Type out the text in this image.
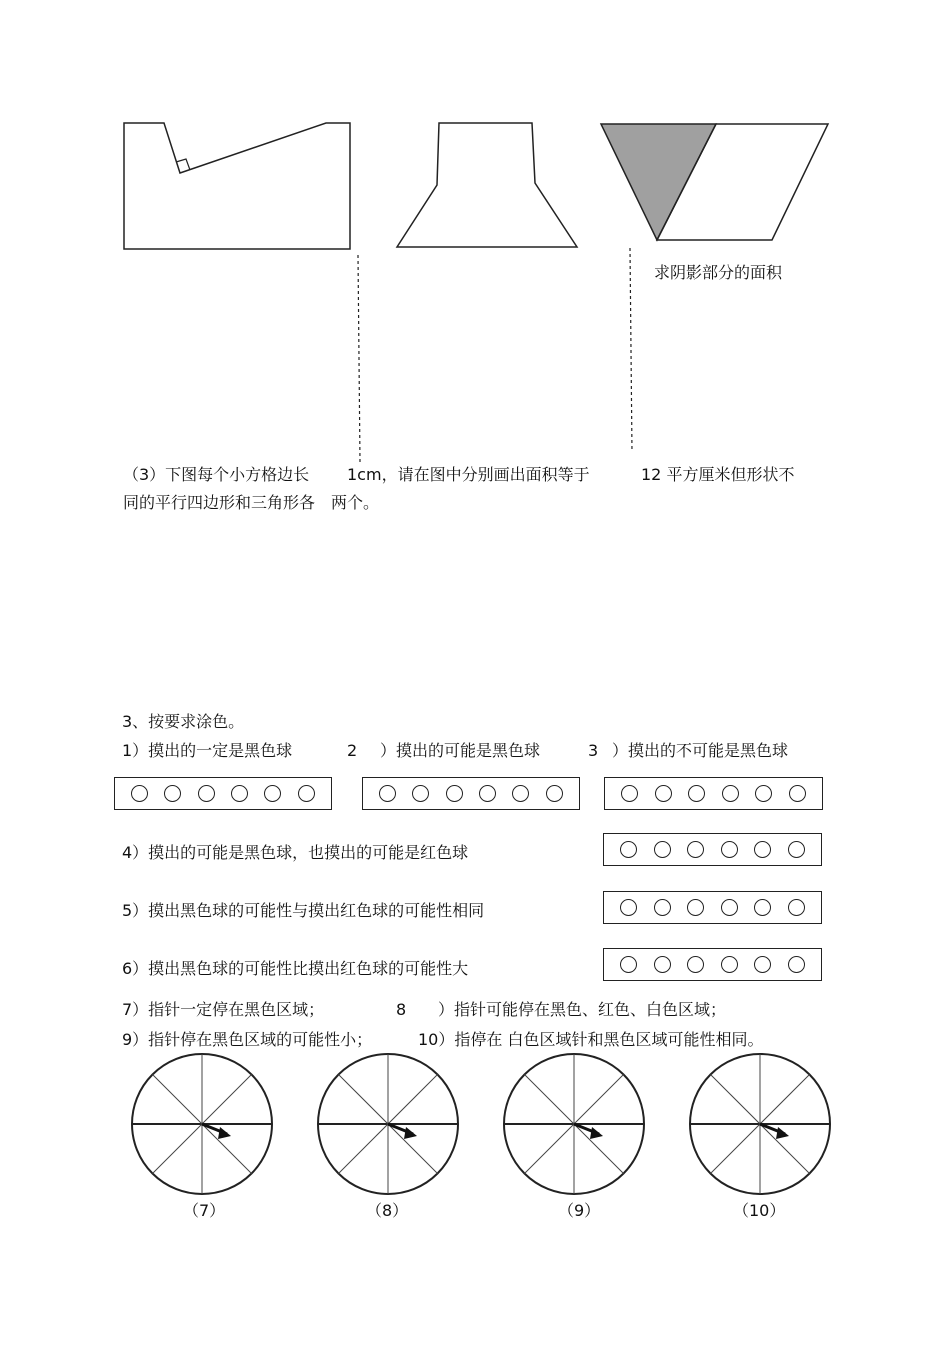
求阴影部分的面积
（3）下图每个小方格边长 1cm，请在图中分别画出面积等于	12 平方厘米但形状不
同的平行四边形和三角形各　两个。
3、按要求涂色。
1）摸出的一定是黑色球	2 ）摸出的可能是黑色球	3 ）摸出的不可能是黑色球
4）摸出的可能是黑色球，也摸出的可能是红色球
5）摸出黑色球的可能性与摸出红色球的可能性相同
6）摸出黑色球的可能性比摸出红色球的可能性大
7）指针一定停在黑色区域；	8 ）指针可能停在黑色、红色、白色区域；
9）指针停在黑色区域的可能性小；	10）指停在 白色区域针和黑色区域可能性相同。
（7）	（8）	（9）	（10）
